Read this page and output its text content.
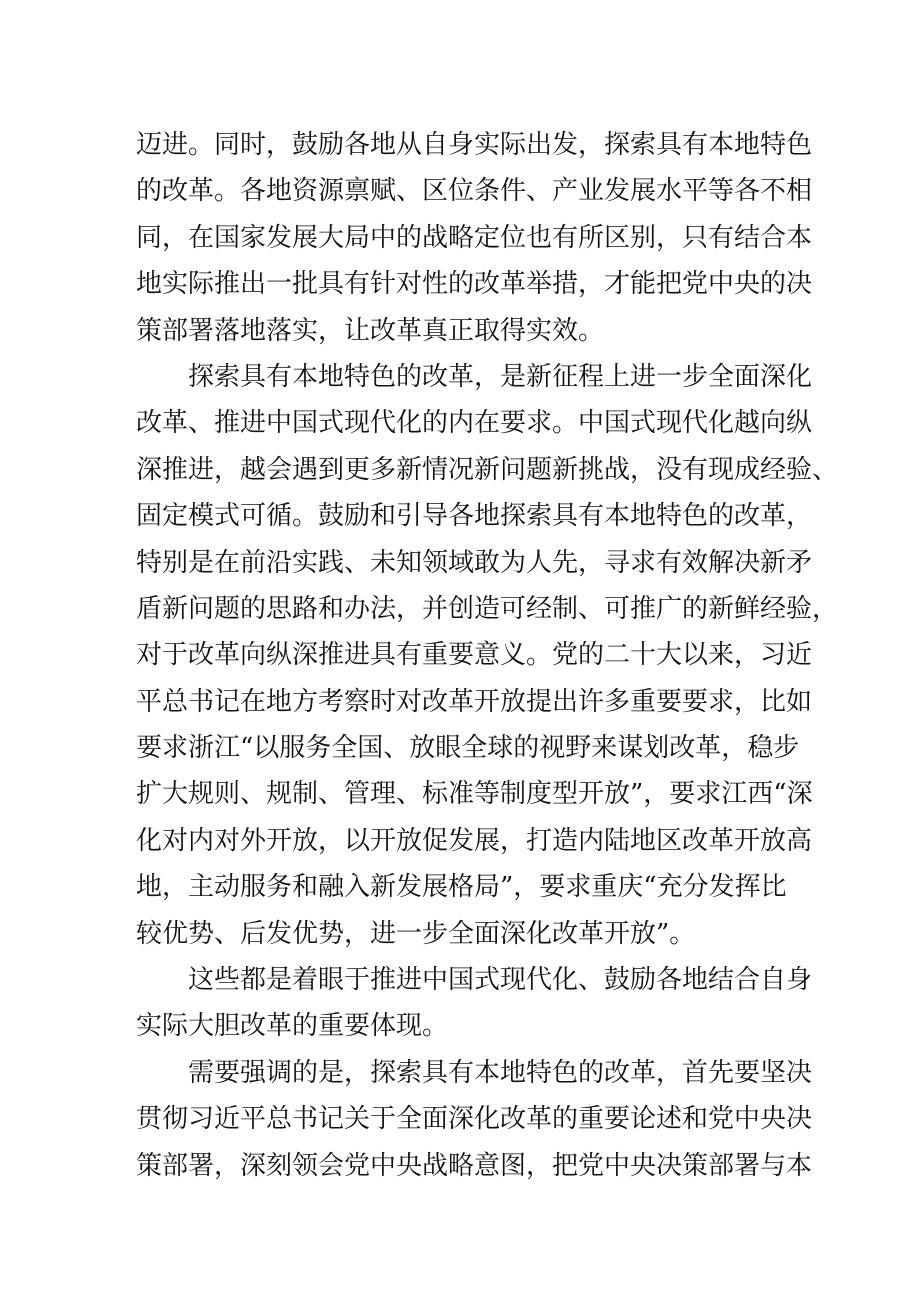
迈进。同时，鼓励各地从自身实际出发，探索具有本地特色
的改革。各地资源禀赋、区位条件、产业发展水平等各不相
同，在国家发展大局中的战略定位也有所区别，只有结合本
地实际推出一批具有针对性的改革举措，才能把党中央的决
策部署落地落实，让改革真正取得实效。
探索具有本地特色的改革，是新征程上进一步全面深化
改革、推进中国式现代化的内在要求。中国式现代化越向纵
深推进，越会遇到更多新情况新问题新挑战，没有现成经验、
固定模式可循。鼓励和引导各地探索具有本地特色的改革，
特别是在前沿实践、未知领域敢为人先，寻求有效解决新矛
盾新问题的思路和办法，并创造可经制、可推广的新鲜经验，
对于改革向纵深推进具有重要意义。党的二十大以来，习近
平总书记在地方考察时对改革开放提出许多重要要求，比如
要求浙江“以服务全国、放眼全球的视野来谋划改革，稳步
扩大规则、规制、管理、标准等制度型开放”，要求江西“深
化对内对外开放，以开放促发展，打造内陆地区改革开放高
地，主动服务和融入新发展格局”，要求重庆“充分发挥比
较优势、后发优势，进一步全面深化改革开放”。
这些都是着眼于推进中国式现代化、鼓励各地结合自身
实际大胆改革的重要体现。
需要强调的是，探索具有本地特色的改革，首先要坚决
贯彻习近平总书记关于全面深化改革的重要论述和党中央决
策部署，深刻领会党中央战略意图，把党中央决策部署与本
